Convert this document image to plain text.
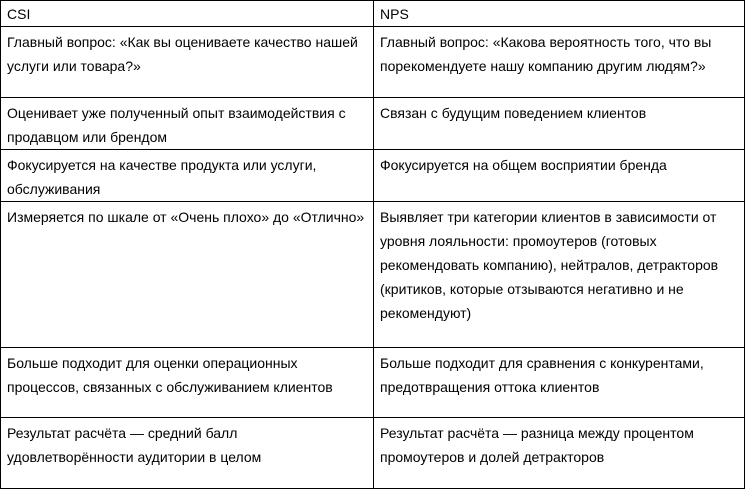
CSI	NPS
Главный вопрос: «Как вы оцениваете качество нашей услуги или товара?»	Главный вопрос: «Какова вероятность того, что вы порекомендуете нашу компанию другим людям?»
Оценивает уже полученный опыт взаимодействия с продавцом или брендом	Связан с будущим поведением клиентов
Фокусируется на качестве продукта или услуги, обслуживания	Фокусируется на общем восприятии бренда
Измеряется по шкале от «Очень плохо» до «Отлично»	Выявляет три категории клиентов в зависимости от уровня лояльности: промоутеров (готовых рекомендовать компанию), нейтралов, детракторов (критиков, которые отзываются негативно и не рекомендуют)
Больше подходит для оценки операционных процессов, связанных с обслуживанием клиентов	Больше подходит для сравнения с конкурентами, предотвращения оттока клиентов
Результат расчёта — средний балл удовлетворённости аудитории в целом	Результат расчёта — разница между процентом промоутеров и долей детракторов
